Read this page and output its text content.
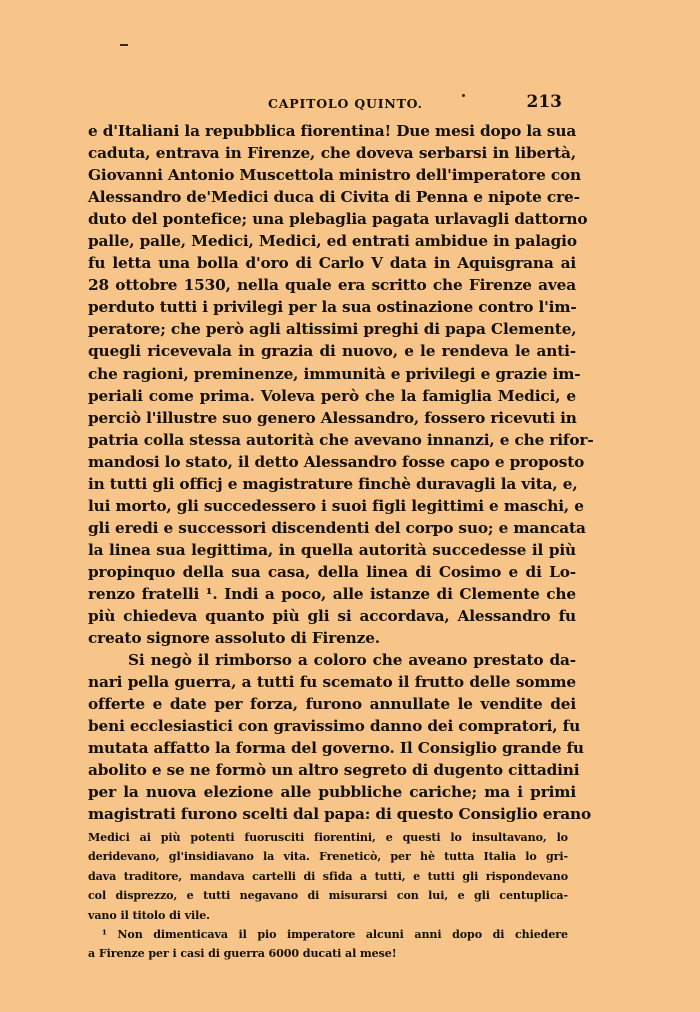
CAPITOLO QUINTO.	213
e d'Italiani la repubblica fiorentina! Due mesi dopo la sua
caduta, entrava in Firenze, che doveva serbarsi in libertà,
Giovanni Antonio Muscettola ministro dell'imperatore con
Alessandro de'Medici duca di Civita di Penna e nipote cre-
duto del pontefice; una plebaglia pagata urlavagli dattorno
palle, palle, Medici, Medici, ed entrati ambidue in palagio
fu letta una bolla d'oro di Carlo V data in Aquisgrana ai
28 ottobre 1530, nella quale era scritto che Firenze avea
perduto tutti i privilegi per la sua ostinazione contro l'im-
peratore; che però agli altissimi preghi di papa Clemente,
quegli ricevevala in grazia di nuovo, e le rendeva le anti-
che ragioni, preminenze, immunità e privilegi e grazie im-
periali come prima. Voleva però che la famiglia Medici, e
perciò l'illustre suo genero Alessandro, fossero ricevuti in
patria colla stessa autorità che avevano innanzi, e che rifor-
mandosi lo stato, il detto Alessandro fosse capo e proposto
in tutti gli officj e magistrature finchè duravagli la vita, e,
lui morto, gli succedessero i suoi figli legittimi e maschi, e
gli eredi e successori discendenti del corpo suo; e mancata
la linea sua legittima, in quella autorità succedesse il più
propinquo della sua casa, della linea di Cosimo e di Lo-
renzo fratelli ¹. Indi a poco, alle istanze di Clemente che
più chiedeva quanto più gli si accordava, Alessandro fu
creato signore assoluto di Firenze.
Si negò il rimborso a coloro che aveano prestato da-
nari pella guerra, a tutti fu scemato il frutto delle somme
offerte e date per forza, furono annullate le vendite dei
beni ecclesiastici con gravissimo danno dei compratori, fu
mutata affatto la forma del governo. Il Consiglio grande fu
abolito e se ne formò un altro segreto di dugento cittadini
per la nuova elezione alle pubbliche cariche; ma i primi
magistrati furono scelti dal papa: di questo Consiglio erano
Medici ai più potenti fuorusciti fiorentini, e questi lo insultavano, lo
deridevano, gl'insidiavano la vita. Freneticò, per hè tutta Italia lo gri-
dava traditore, mandava cartelli di sfida a tutti, e tutti gli rispondevano
col disprezzo, e tutti negavano di misurarsi con lui, e gli centuplica-
vano il titolo di vile.
¹ Non dimenticava il pio imperatore alcuni anni dopo di chiedere
a Firenze per i casi di guerra 6000 ducati al mese!
